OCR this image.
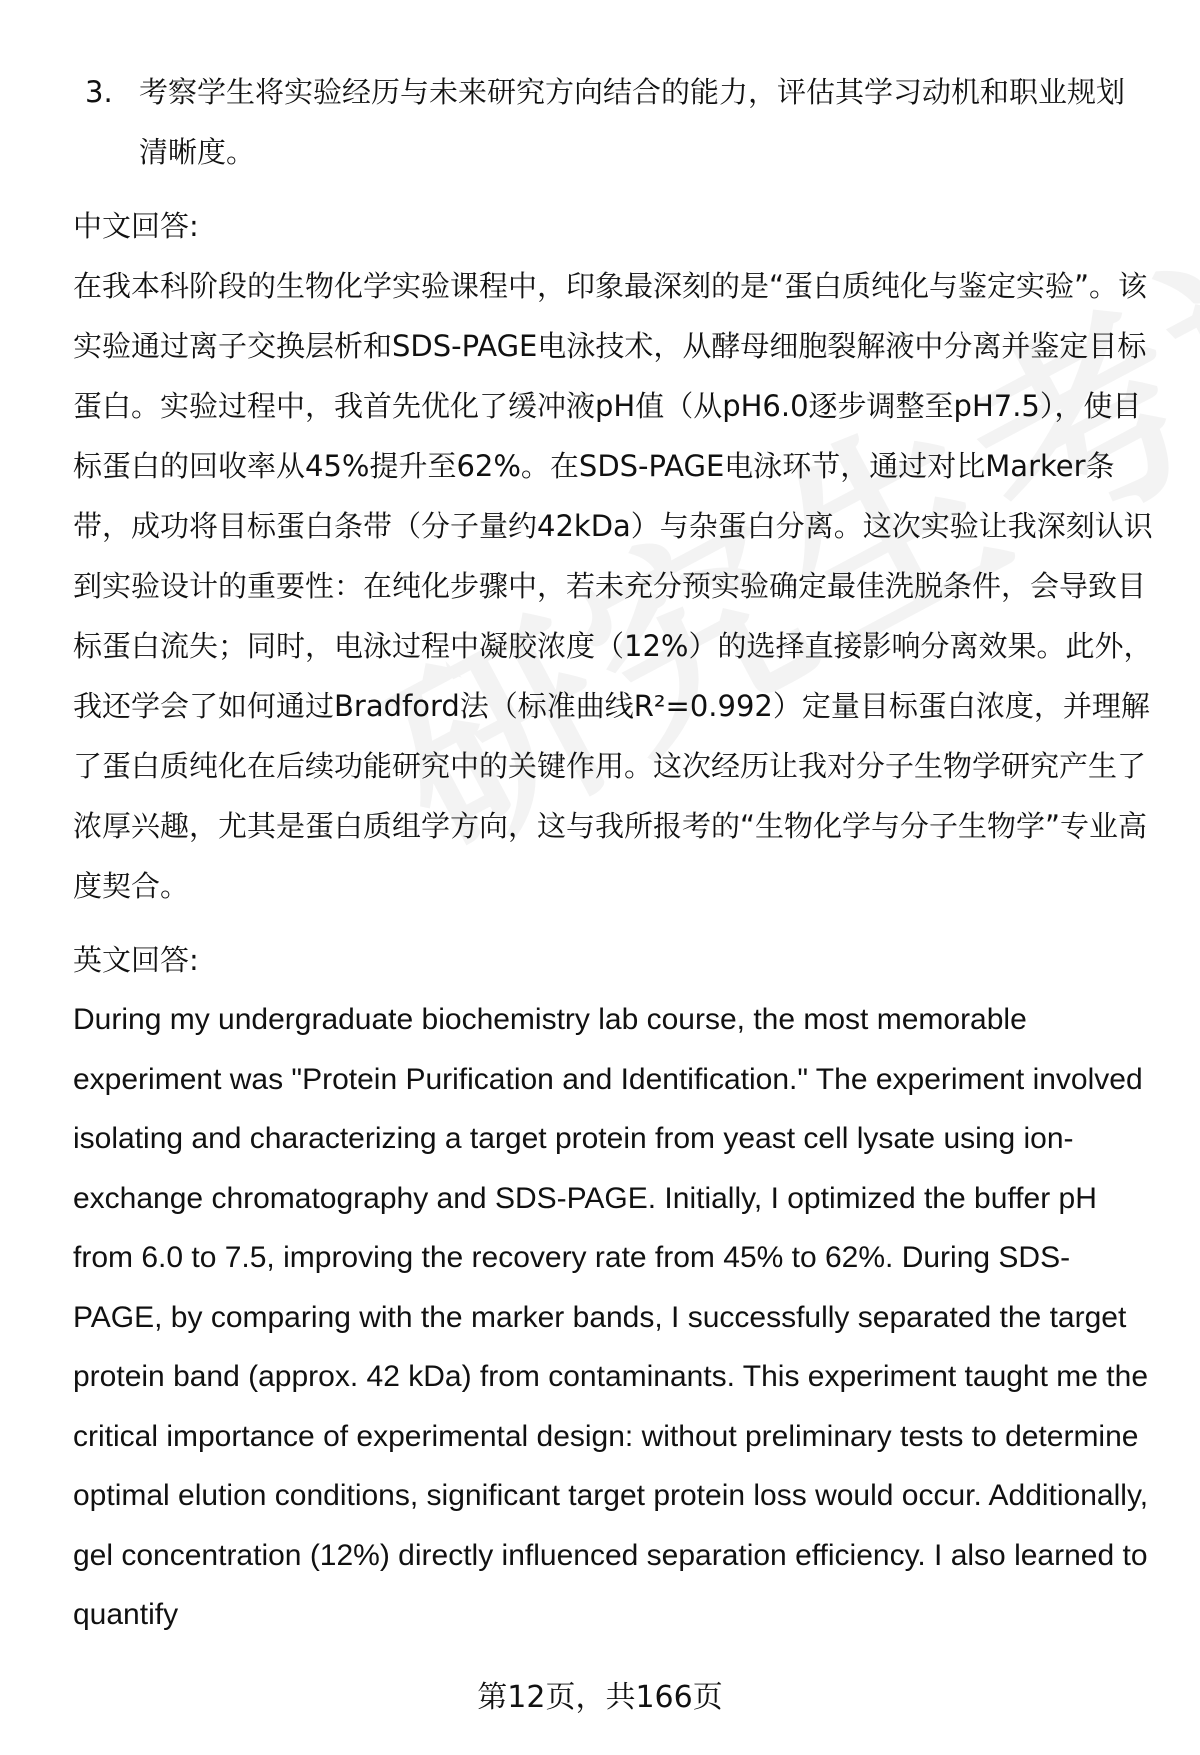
3. 考察学生将实验经历与未来研究方向结合的能力，评估其学习动机和职业规划清晰度。
中文回答:
在我本科阶段的生物化学实验课程中，印象最深刻的是“蛋白质纯化与鉴定实验”。该实验通过离子交换层析和SDS-PAGE电泳技术，从酵母细胞裂解液中分离并鉴定目标蛋白。实验过程中，我首先优化了缓冲液pH值（从pH6.0逐步调整至pH7.5），使目标蛋白的回收率从45%提升至62%。在SDS-PAGE电泳环节，通过对比Marker条带，成功将目标蛋白条带（分子量约42kDa）与杂蛋白分离。这次实验让我深刻认识到实验设计的重要性：在纯化步骤中，若未充分预实验确定最佳洗脱条件，会导致目标蛋白流失；同时，电泳过程中凝胶浓度（12%）的选择直接影响分离效果。此外，我还学会了如何通过Bradford法（标准曲线R²=0.992）定量目标蛋白浓度，并理解了蛋白质纯化在后续功能研究中的关键作用。这次经历让我对分子生物学研究产生了浓厚兴趣，尤其是蛋白质组学方向，这与我所报考的“生物化学与分子生物学”专业高度契合。
英文回答:
During my undergraduate biochemistry lab course, the most memorable experiment was "Protein Purification and Identification." The experiment involved isolating and characterizing a target protein from yeast cell lysate using ion-exchange chromatography and SDS-PAGE. Initially, I optimized the buffer pH from 6.0 to 7.5, improving the recovery rate from 45% to 62%. During SDS-PAGE, by comparing with the marker bands, I successfully separated the target protein band (approx. 42 kDa) from contaminants. This experiment taught me the critical importance of experimental design: without preliminary tests to determine optimal elution conditions, significant target protein loss would occur. Additionally, gel concentration (12%) directly influenced separation efficiency. I also learned to quantify
第12页，共166页
